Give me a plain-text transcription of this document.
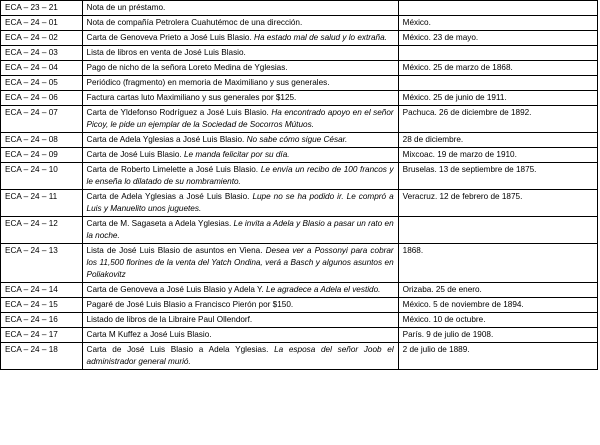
ECA – 23 – 21	Nota de un préstamo.	
ECA – 24 – 01	Nota de compañía Petrolera Cuahutémoc de una dirección.	México.
ECA – 24 – 02	Carta de Genoveva Prieto a José Luis Blasio. Ha estado mal de salud y lo extraña.	México. 23 de mayo.
ECA – 24 – 03	Lista de libros en venta de José Luis Blasio.	
ECA – 24 – 04	Pago de nicho de la señora Loreto Medina de Yglesias.	México. 25 de marzo de 1868.
ECA – 24 – 05	Periódico (fragmento) en memoria de Maximiliano y sus generales.	
ECA – 24 – 06	Factura cartas luto Maximiliano y sus generales por $125.	México. 25 de junio de 1911.
ECA – 24 – 07	Carta de Yldefonso Rodríguez a José Luis Blasio. Ha encontrado apoyo en el señor Picoy, le pide un ejemplar de la Sociedad de Socorros Mútuos.	Pachuca. 26 de diciembre de 1892.
ECA – 24 – 08	Carta de Adela Yglesias a José Luis Blasio. No sabe cómo sigue César.	28 de diciembre.
ECA – 24 – 09	Carta de José Luis Blasio. Le manda felicitar por su día.	Mixcoac. 19 de marzo de 1910.
ECA – 24 – 10	Carta de Roberto Limelette a José Luis Blasio. Le envía un recibo de 100 francos y le enseña lo dilatado de su nombramiento.	Bruselas. 13 de septiembre de 1875.
ECA – 24 – 11	Carta de Adela Yglesias a José Luis Blasio. Lupe no se ha podido ir. Le compró a Luis y Manuelito unos juguetes.	Veracruz. 12 de febrero de 1875.
ECA – 24 – 12	Carta de M. Sagaseta a Adela Yglesias. Le invita a Adela y Blasio a pasar un rato en la noche.	
ECA – 24 – 13	Lista de José Luis Blasio de asuntos en Viena. Desea ver a Possonyi para cobrar los 11,500 florines de la venta del Yatch Ondina, verá a Basch y algunos asuntos en Poliakovitz	1868.
ECA – 24 – 14	Carta de Genoveva a José Luis Blasio y Adela Y. Le agradece a Adela el vestido.	Orizaba. 25 de enero.
ECA – 24 – 15	Pagaré de José Luis Blasio a Francisco Pierón por $150.	México. 5 de noviembre de 1894.
ECA – 24 – 16	Listado de libros de la Libraire Paul Ollendorf.	México. 10 de octubre.
ECA – 24 – 17	Carta M Kuffez a José Luis Blasio.	París. 9 de julio de 1908.
ECA – 24 – 18	Carta de José Luis Blasio a Adela Yglesias. La esposa del señor Joob el administrador general murió.	2 de julio de 1889.
